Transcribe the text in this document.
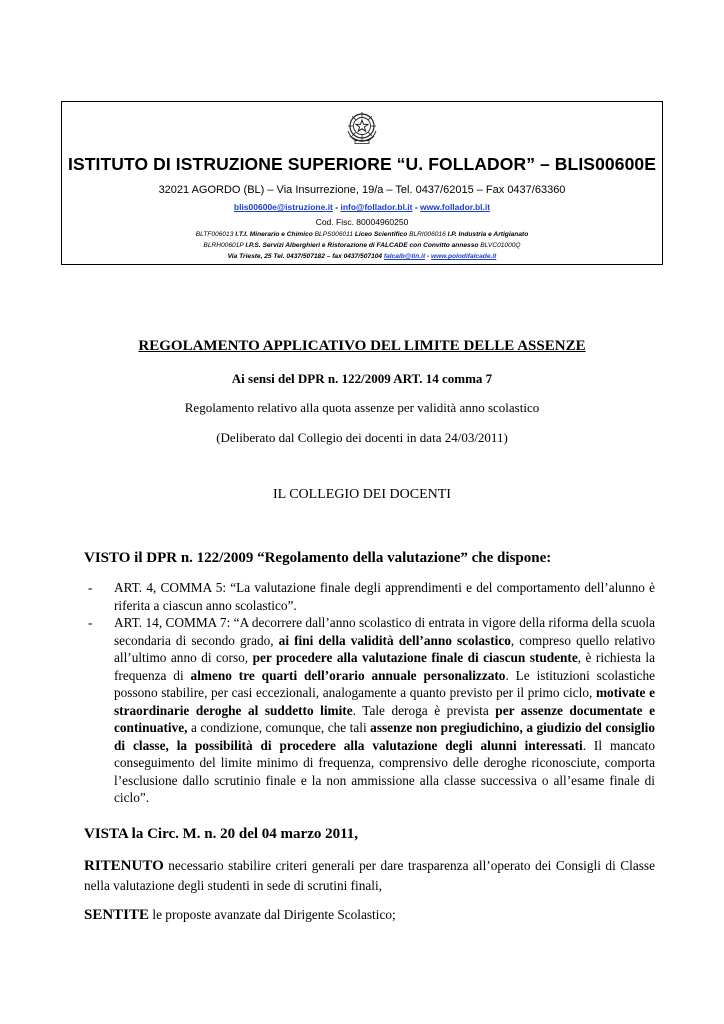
ISTITUTO DI ISTRUZIONE SUPERIORE “U. FOLLADOR” – BLIS00600E
32021 AGORDO (BL) – Via Insurrezione, 19/a – Tel. 0437/62015 – Fax 0437/63360
blis00600e@istruzione.it - info@follador.bl.it - www.follador.bl.it
Cod. Fisc. 80004960250
BLTF006013 I.T.I. Minerario e Chimico BLPS006011 Liceo Scientifico BLRI006016 I.P. Industria e Artigianato
BLRH00601P I.P.S. Servizi Alberghieri e Ristorazione di FALCADE con Convitto annesso BLVC01000Q
Via Trieste, 25 Tel. 0437/507182 – fax 0437/507104 falcalb@tin.it - www.polodifalcade.it
REGOLAMENTO APPLICATIVO DEL LIMITE DELLE ASSENZE
Ai sensi del DPR n. 122/2009 ART. 14 comma 7
Regolamento relativo alla quota assenze per validità anno scolastico
(Deliberato dal Collegio dei docenti in data 24/03/2011)
IL COLLEGIO DEI DOCENTI
VISTO il DPR n. 122/2009 “Regolamento della valutazione” che dispone:
- ART. 4, COMMA 5: “La valutazione finale degli apprendimenti e del comportamento dell’alunno è riferita a ciascun anno scolastico”.
- ART. 14, COMMA 7: “A decorrere dall’anno scolastico di entrata in vigore della riforma della scuola secondaria di secondo grado, ai fini della validità dell’anno scolastico, compreso quello relativo all’ultimo anno di corso, per procedere alla valutazione finale di ciascun studente, è richiesta la frequenza di almeno tre quarti dell’orario annuale personalizzato. Le istituzioni scolastiche possono stabilire, per casi eccezionali, analogamente a quanto previsto per il primo ciclo, motivate e straordinarie deroghe al suddetto limite. Tale deroga è prevista per assenze documentate e continuative, a condizione, comunque, che tali assenze non pregiudichino, a giudizio del consiglio di classe, la possibilità di procedere alla valutazione degli alunni interessati. Il mancato conseguimento del limite minimo di frequenza, comprensivo delle deroghe riconosciute, comporta l’esclusione dallo scrutinio finale e la non ammissione alla classe successiva o all’esame finale di ciclo”.
VISTA la Circ. M. n. 20 del 04 marzo 2011,
RITENUTO necessario stabilire criteri generali per dare trasparenza all’operato dei Consigli di Classe nella valutazione degli studenti in sede di scrutini finali,
SENTITE le proposte avanzate dal Dirigente Scolastico;
